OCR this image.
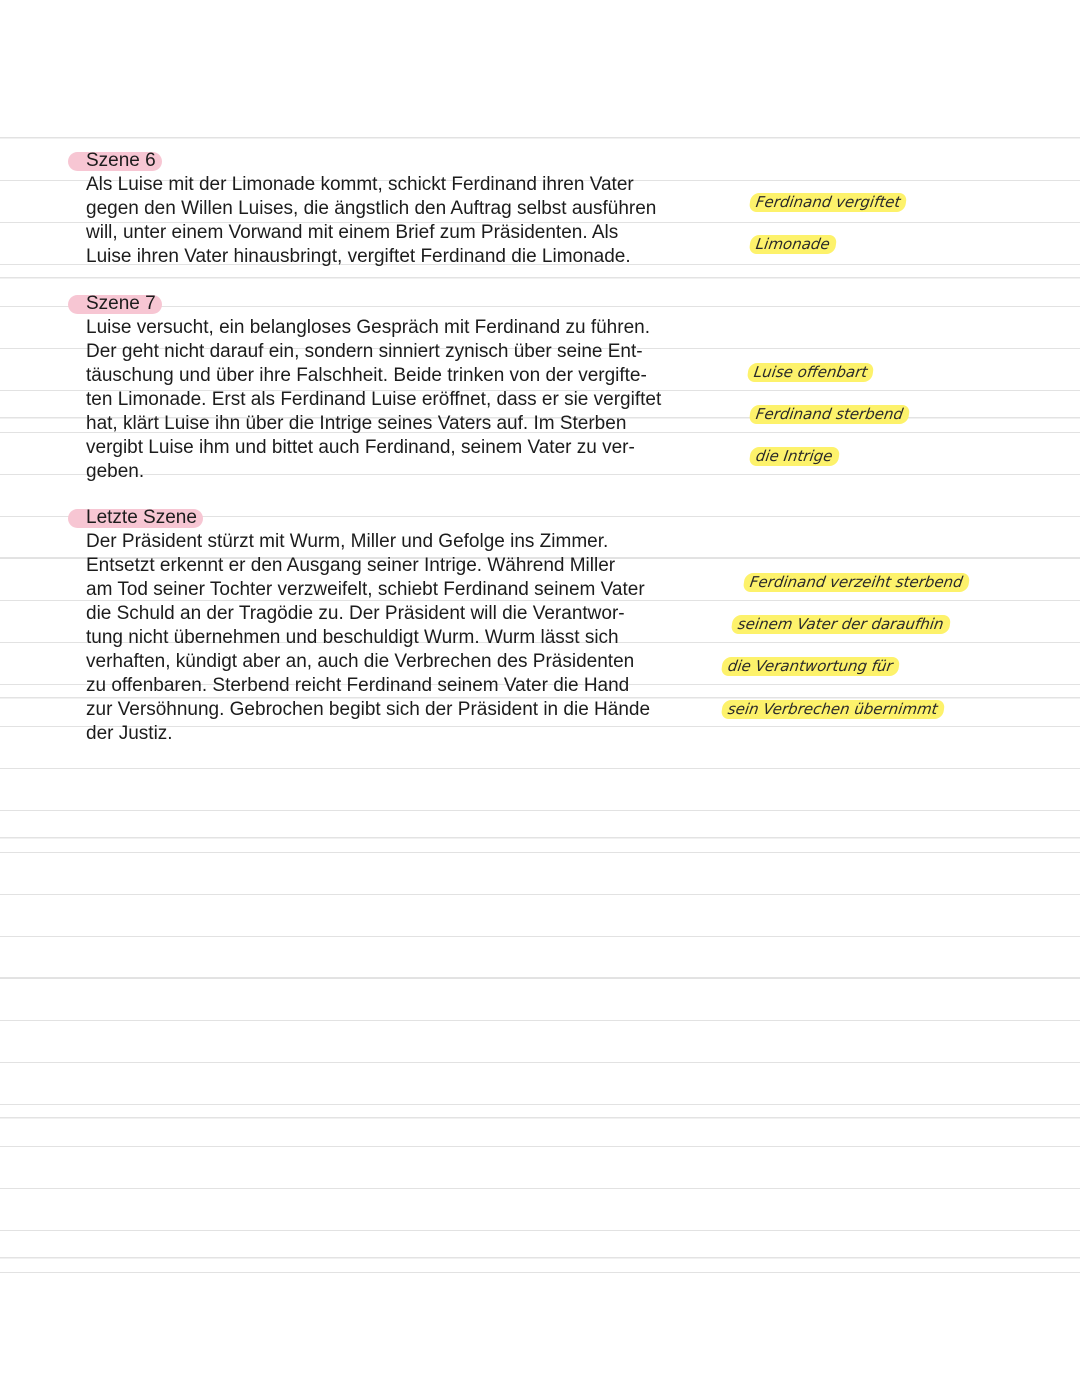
Szene 6

Als Luise mit der Limonade kommt, schickt Ferdinand ihren Vater
gegen den Willen Luises, die ängstlich den Auftrag selbst ausführen
will, unter einem Vorwand mit einem Brief zum Präsidenten. Als
Luise ihren Vater hinausbringt, vergiftet Ferdinand die Limonade.

Szene 7

Luise versucht, ein belangloses Gespräch mit Ferdinand zu führen.
Der geht nicht darauf ein, sondern sinniert zynisch über seine Ent-
täuschung und über ihre Falschheit. Beide trinken von der vergifte-
ten Limonade. Erst als Ferdinand Luise eröffnet, dass er sie vergiftet
hat, klärt Luise ihn über die Intrige seines Vaters auf. Im Sterben
vergibt Luise ihm und bittet auch Ferdinand, seinem Vater zu ver-
geben.

Letzte Szene

Der Präsident stürzt mit Wurm, Miller und Gefolge ins Zimmer.
Entsetzt erkennt er den Ausgang seiner Intrige. Während Miller
am Tod seiner Tochter verzweifelt, schiebt Ferdinand seinem Vater
die Schuld an der Tragödie zu. Der Präsident will die Verantwor-
tung nicht übernehmen und beschuldigt Wurm. Wurm lässt sich
verhaften, kündigt aber an, auch die Verbrechen des Präsidenten
zu offenbaren. Sterbend reicht Ferdinand seinem Vater die Hand
zur Versöhnung. Gebrochen begibt sich der Präsident in die Hände
der Justiz.

Ferdinand vergiftet
Limonade
Luise offenbart
Ferdinand sterbend
die Intrige
Ferdinand verzeiht sterbend
seinem Vater der daraufhin
die Verantwortung für
sein Verbrechen übernimmt
